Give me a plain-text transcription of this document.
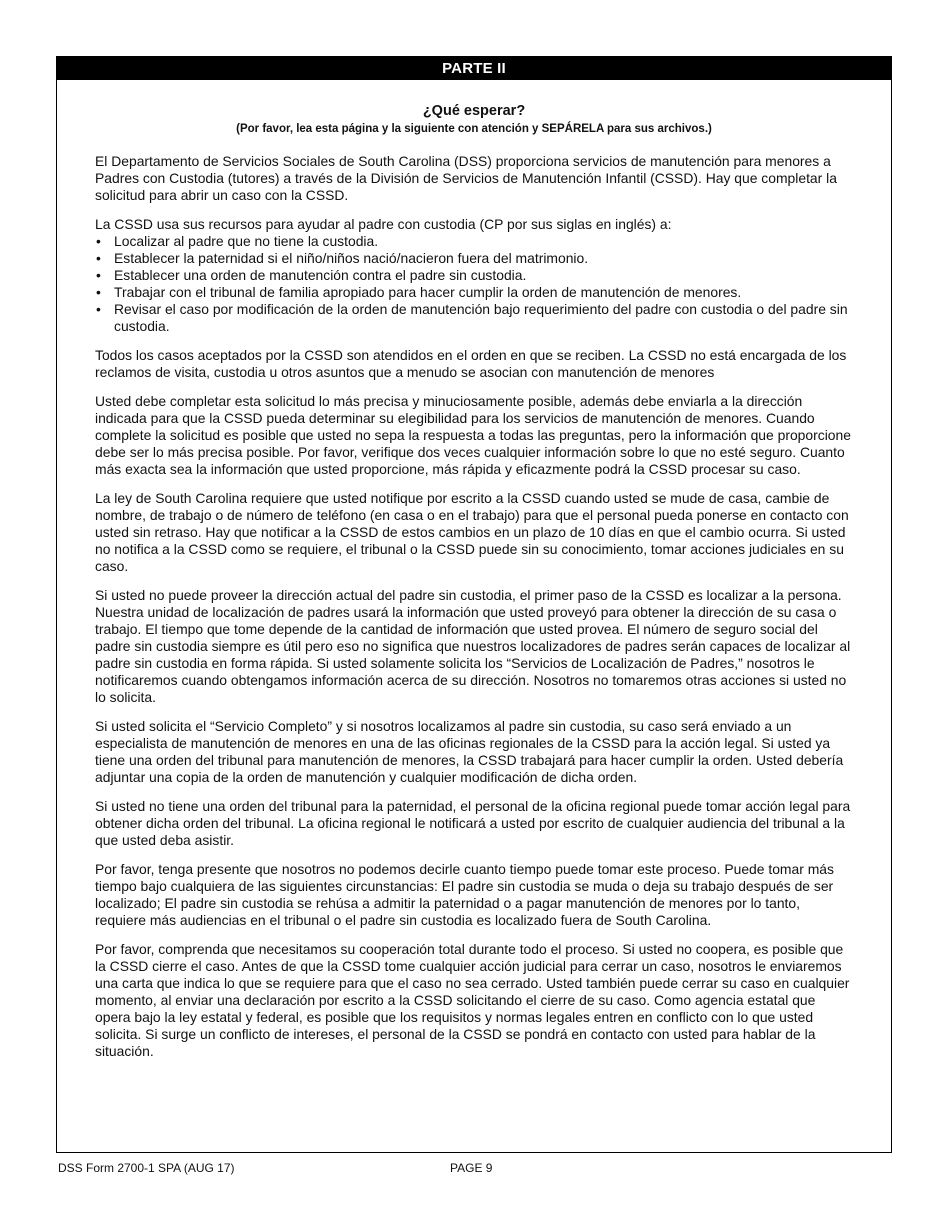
PARTE II
¿Qué esperar?
(Por favor, lea esta página y la siguiente con atención y SEPÁRELA para sus archivos.)

El Departamento de Servicios Sociales de South Carolina (DSS) proporciona servicios de manutención para menores a Padres con Custodia (tutores) a través de la División de Servicios de Manutención Infantil (CSSD). Hay que completar la solicitud para abrir un caso con la CSSD.

La CSSD usa sus recursos para ayudar al padre con custodia (CP por sus siglas en inglés) a:

• Localizar al padre que no tiene la custodia.
• Establecer la paternidad si el niño/niños nació/nacieron fuera del matrimonio.
• Establecer una orden de manutención contra el padre sin custodia.
• Trabajar con el tribunal de familia apropiado para hacer cumplir la orden de manutención de menores.
• Revisar el caso por modificación de la orden de manutención bajo requerimiento del padre con custodia o del padre sin custodia.

Todos los casos aceptados por la CSSD son atendidos en el orden en que se reciben. La CSSD no está encargada de los reclamos de visita, custodia u otros asuntos que a menudo se asocian con manutención de menores

Usted debe completar esta solicitud lo más precisa y minuciosamente posible, además debe enviarla a la dirección indicada para que la CSSD pueda determinar su elegibilidad para los servicios de manutención de menores. Cuando complete la solicitud es posible que usted no sepa la respuesta a todas las preguntas, pero la información que proporcione debe ser lo más precisa posible. Por favor, verifique dos veces cualquier información sobre lo que no esté seguro. Cuanto más exacta sea la información que usted proporcione, más rápida y eficazmente podrá la CSSD procesar su caso.

La ley de South Carolina requiere que usted notifique por escrito a la CSSD cuando usted se mude de casa, cambie de nombre, de trabajo o de número de teléfono (en casa o en el trabajo) para que el personal pueda ponerse en contacto con usted sin retraso. Hay que notificar a la CSSD de estos cambios en un plazo de 10 días en que el cambio ocurra. Si usted no notifica a la CSSD como se requiere, el tribunal o la CSSD puede sin su conocimiento, tomar acciones judiciales en su caso.

Si usted no puede proveer la dirección actual del padre sin custodia, el primer paso de la CSSD es localizar a la persona. Nuestra unidad de localización de padres usará la información que usted proveyó para obtener la dirección de su casa o trabajo. El tiempo que tome depende de la cantidad de información que usted provea. El número de seguro social del padre sin custodia siempre es útil pero eso no significa que nuestros localizadores de padres serán capaces de localizar al padre sin custodia en forma rápida. Si usted solamente solicita los “Servicios de Localización de Padres,” nosotros le notificaremos cuando obtengamos información acerca de su dirección. Nosotros no tomaremos otras acciones si usted no lo solicita.

Si usted solicita el “Servicio Completo” y si nosotros localizamos al padre sin custodia, su caso será enviado a un especialista de manutención de menores en una de las oficinas regionales de la CSSD para la acción legal. Si usted ya tiene una orden del tribunal para manutención de menores, la CSSD trabajará para hacer cumplir la orden. Usted debería adjuntar una copia de la orden de manutención y cualquier modificación de dicha orden.

Si usted no tiene una orden del tribunal para la paternidad, el personal de la oficina regional puede tomar acción legal para obtener dicha orden del tribunal. La oficina regional le notificará a usted por escrito de cualquier audiencia del tribunal a la que usted deba asistir.

Por favor, tenga presente que nosotros no podemos decirle cuanto tiempo puede tomar este proceso. Puede tomar más tiempo bajo cualquiera de las siguientes circunstancias: El padre sin custodia se muda o deja su trabajo después de ser localizado; El padre sin custodia se rehúsa a admitir la paternidad o a pagar manutención de menores por lo tanto, requiere más audiencias en el tribunal o el padre sin custodia es localizado fuera de South Carolina.

Por favor, comprenda que necesitamos su cooperación total durante todo el proceso. Si usted no coopera, es posible que la CSSD cierre el caso. Antes de que la CSSD tome cualquier acción judicial para cerrar un caso, nosotros le enviaremos una carta que indica lo que se requiere para que el caso no sea cerrado. Usted también puede cerrar su caso en cualquier momento, al enviar una declaración por escrito a la CSSD solicitando el cierre de su caso. Como agencia estatal que opera bajo la ley estatal y federal, es posible que los requisitos y normas legales entren en conflicto con lo que usted solicita. Si surge un conflicto de intereses, el personal de la CSSD se pondrá en contacto con usted para hablar de la situación.

DSS Form 2700-1 SPA (AUG 17)	PAGE 9
